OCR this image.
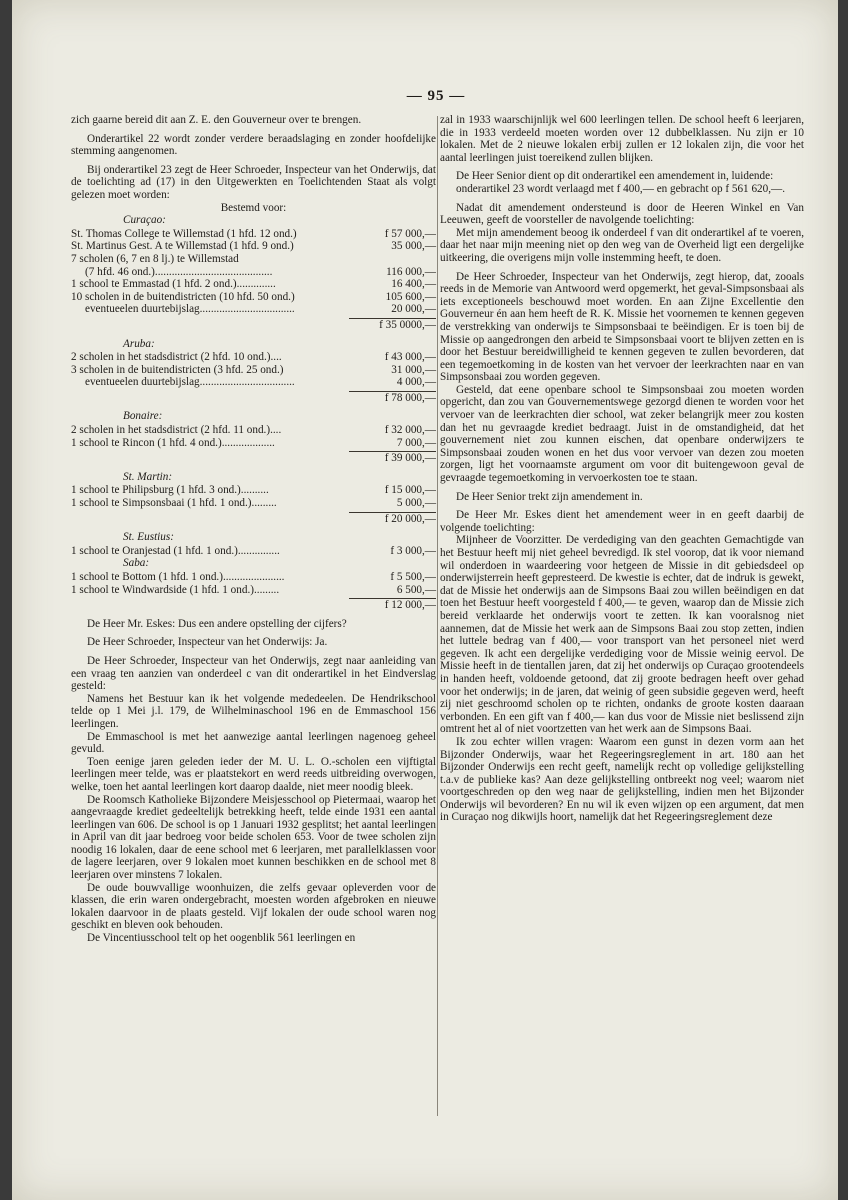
— 95 —

zich gaarne bereid dit aan Z. E. den Gouverneur over te brengen.

Onderartikel 22 wordt zonder verdere beraadslaging en zonder hoofdelijke stemming aangenomen.

Bij onderartikel 23 zegt de Heer Schroeder, Inspecteur van het Onderwijs, dat de toelichting ad (17) in den Uitgewerkten en Toelichtenden Staat als volgt gelezen moet worden:

Bestemd voor:

Curaçao:
St. Thomas College te Willemstad (1 hfd. 12 ond.)	f 57 000,—
St. Martinus Gest. A te Willemstad (1 hfd. 9 ond.)	35 000,—
7 scholen (6, 7 en 8 lj.) te Willemstad
(7 hfd. 46 ond.)..........................................	116 000,—
1 school te Emmastad (1 hfd. 2 ond.)..............	16 400,—
10 scholen in de buitendistricten (10 hfd. 50 ond.)	105 600,—
eventueelen duurtebijslag..................................	20 000,—
f 35 0000,—
Aruba:
2 scholen in het stadsdistrict (2 hfd. 10 ond.)....	f 43 000,—
3 scholen in de buitendistricten (3 hfd. 25 ond.)	31 000,—
eventueelen duurtebijslag..................................	4 000,—
f 78 000,—
Bonaire:
2 scholen in het stadsdistrict (2 hfd. 11 ond.)....	f 32 000,—
1 school te Rincon (1 hfd. 4 ond.)...................	7 000,—
f 39 000,—
St. Martin:
1 school te Philipsburg (1 hfd. 3 ond.)..........	f 15 000,—
1 school te Simpsonsbaai (1 hfd. 1 ond.).........	5 000,—
f 20 000,—
St. Eustius:
1 school te Oranjestad (1 hfd. 1 ond.)...............	f 3 000,—
Saba:
1 school te Bottom (1 hfd. 1 ond.)......................	f 5 500,—
1 school te Windwardside (1 hfd. 1 ond.).........	6 500,—
f 12 000,—

De Heer Mr. Eskes: Dus een andere opstelling der cijfers?

De Heer Schroeder, Inspecteur van het Onderwijs: Ja.

De Heer Schroeder, Inspecteur van het Onderwijs, zegt naar aanleiding van een vraag ten aanzien van onderdeel c van dit onderartikel in het Eindverslag gesteld:

Namens het Bestuur kan ik het volgende mededeelen. De Hendrikschool telde op 1 Mei j.l. 179, de Wilhelminaschool 196 en de Emmaschool 156 leerlingen.

De Emmaschool is met het aanwezige aantal leerlingen nagenoeg geheel gevuld.

Toen eenige jaren geleden ieder der M. U. L. O.-scholen een vijftigtal leerlingen meer telde, was er plaatstekort en werd reeds uitbreiding overwogen, welke, toen het aantal leerlingen kort daarop daalde, niet meer noodig bleek.

De Roomsch Katholieke Bijzondere Meisjesschool op Pietermaai, waarop het aangevraagde krediet gedeeltelijk betrekking heeft, telde einde 1931 een aantal leerlingen van 606. De school is op 1 Januari 1932 gesplitst; het aantal leerlingen in April van dit jaar bedroeg voor beide scholen 653. Voor de twee scholen zijn noodig 16 lokalen, daar de eene school met 6 leerjaren, met parallelklassen voor de lagere leerjaren, over 9 lokalen moet kunnen beschikken en de school met 8 leerjaren over minstens 7 lokalen.

De oude bouwvallige woonhuizen, die zelfs gevaar opleverden voor de klassen, die erin waren ondergebracht, moesten worden afgebroken en nieuwe lokalen daarvoor in de plaats gesteld. Vijf lokalen der oude school waren nog geschikt en bleven ook behouden.

De Vincentiusschool telt op het oogenblik 561 leerlingen en

zal in 1933 waarschijnlijk wel 600 leerlingen tellen. De school heeft 6 leerjaren, die in 1933 verdeeld moeten worden over 12 dubbelklassen. Nu zijn er 10 lokalen. Met de 2 nieuwe lokalen erbij zullen er 12 lokalen zijn, die voor het aantal leerlingen juist toereikend zullen blijken.

De Heer Senior dient op dit onderartikel een amendement in, luidende:

onderartikel 23 wordt verlaagd met f 400,— en gebracht op f 561 620,—.

Nadat dit amendement ondersteund is door de Heeren Winkel en Van Leeuwen, geeft de voorsteller de navolgende toelichting:

Met mijn amendement beoog ik onderdeel f van dit onderartikel af te voeren, daar het naar mijn meening niet op den weg van de Overheid ligt een dergelijke uitkeering, die overigens mijn volle instemming heeft, te doen.

De Heer Schroeder, Inspecteur van het Onderwijs, zegt hierop, dat, zooals reeds in de Memorie van Antwoord werd opgemerkt, het geval-Simpsonsbaai als iets exceptioneels beschouwd moet worden. En aan Zijne Excellentie den Gouverneur én aan hem heeft de R. K. Missie het voornemen te kennen gegeven de verstrekking van onderwijs te Simpsonsbaai te beëindigen. Er is toen bij de Missie op aangedrongen den arbeid te Simpsonsbaai voort te blijven zetten en is door het Bestuur bereidwilligheid te kennen gegeven te zullen bevorderen, dat een tegemoetkoming in de kosten van het vervoer der leerkrachten naar en van Simpsonsbaai zou worden gegeven.

Gesteld, dat eene openbare school te Simpsonsbaai zou moeten worden opgericht, dan zou van Gouvernementswege gezorgd dienen te worden voor het vervoer van de leerkrachten dier school, wat zeker belangrijk meer zou kosten dan het nu gevraagde krediet bedraagt. Juist in de omstandigheid, dat het gouvernement niet zou kunnen eischen, dat openbare onderwijzers te Simpsonsbaai zouden wonen en het dus voor vervoer van dezen zou moeten zorgen, ligt het voornaamste argument om voor dit buitengewoon geval de gevraagde tegemoetkoming in vervoerkosten toe te staan.

De Heer Senior trekt zijn amendement in.

De Heer Mr. Eskes dient het amendement weer in en geeft daarbij de volgende toelichting:

Mijnheer de Voorzitter. De verdediging van den geachten Gemachtigde van het Bestuur heeft mij niet geheel bevredigd. Ik stel voorop, dat ik voor niemand wil onderdoen in waardeering voor hetgeen de Missie in dit gebiedsdeel op onderwijsterrein heeft gepresteerd. De kwestie is echter, dat de indruk is gewekt, dat de Missie het onderwijs aan de Simpsons Baai zou willen beëindigen en dat toen het Bestuur heeft voorgesteld f 400,— te geven, waarop dan de Missie zich bereid verklaarde het onderwijs voort te zetten. Ik kan vooralsnog niet aannemen, dat de Missie het werk aan de Simpsons Baai zou stop zetten, indien het luttele bedrag van f 400,— voor transport van het personeel niet werd gegeven. Ik acht een dergelijke verdediging voor de Missie weinig eervol. De Missie heeft in de tientallen jaren, dat zij het onderwijs op Curaçao grootendeels in handen heeft, voldoende getoond, dat zij groote bedragen heeft over gehad voor het onderwijs; in de jaren, dat weinig of geen subsidie gegeven werd, heeft zij niet geschroomd scholen op te richten, ondanks de groote kosten daaraan verbonden. En een gift van f 400,— kan dus voor de Missie niet beslissend zijn omtrent het al of niet voortzetten van het werk aan de Simpsons Baai.

Ik zou echter willen vragen: Waarom een gunst in dezen vorm aan het Bijzonder Onderwijs, waar het Regeeringsreglement in art. 180 aan het Bijzonder Onderwijs een recht geeft, namelijk recht op volledige gelijkstelling t.a.v de publieke kas? Aan deze gelijkstelling ontbreekt nog veel; waarom niet voortgeschreden op den weg naar de gelijkstelling, indien men het Bijzonder Onderwijs wil bevorderen? En nu wil ik even wijzen op een argument, dat men in Curaçao nog dikwijls hoort, namelijk dat het Regeeringsreglement deze
